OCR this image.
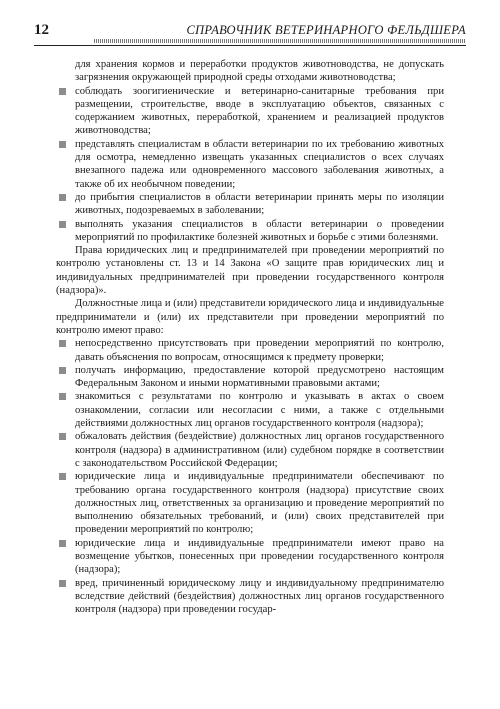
12	СПРАВОЧНИК ВЕТЕРИНАРНОГО ФЕЛЬДШЕРА
для хранения кормов и переработки продуктов животноводства, не допускать загрязнения окружающей природной среды отходами животноводства;
соблюдать зоогигиенические и ветеринарно-санитарные требования при размещении, строительстве, вводе в эксплуатацию объектов, связанных с содержанием животных, переработкой, хранением и реализацией продуктов животноводства;
представлять специалистам в области ветеринарии по их требованию животных для осмотра, немедленно извещать указанных специалистов о всех случаях внезапного падежа или одновременного массового заболевания животных, а также об их необычном поведении;
до прибытия специалистов в области ветеринарии принять меры по изоляции животных, подозреваемых в заболевании;
выполнять указания специалистов в области ветеринарии о проведении мероприятий по профилактике болезней животных и борьбе с этими болезнями.

Права юридических лиц и предпринимателей при проведении мероприятий по контролю установлены ст. 13 и 14 Закона «О защите прав юридических лиц и индивидуальных предпринимателей при проведении государственного контроля (надзора)».

Должностные лица и (или) представители юридического лица и индивидуальные предприниматели и (или) их представители при проведении мероприятий по контролю имеют право:

непосредственно присутствовать при проведении мероприятий по контролю, давать объяснения по вопросам, относящимся к предмету проверки;
получать информацию, предоставление которой предусмотрено настоящим Федеральным Законом и иными нормативными правовыми актами;
знакомиться с результатами по контролю и указывать в актах о своем ознакомлении, согласии или несогласии с ними, а также с отдельными действиями должностных лиц органов государственного контроля (надзора);
обжаловать действия (бездействие) должностных лиц органов государственного контроля (надзора) в административном (или) судебном порядке в соответствии с законодательством Российской Федерации;
юридические лица и индивидуальные предприниматели обеспечивают по требованию органа государственного контроля (надзора) присутствие своих должностных лиц, ответственных за организацию и проведение мероприятий по выполнению обязательных требований, и (или) своих представителей при проведении мероприятий по контролю;
юридические лица и индивидуальные предприниматели имеют право на возмещение убытков, понесенных при проведении государственного контроля (надзора);
вред, причиненный юридическому лицу и индивидуальному предпринимателю вследствие действий (бездействия) должностных лиц органов государственного контроля (надзора) при проведении государ-
